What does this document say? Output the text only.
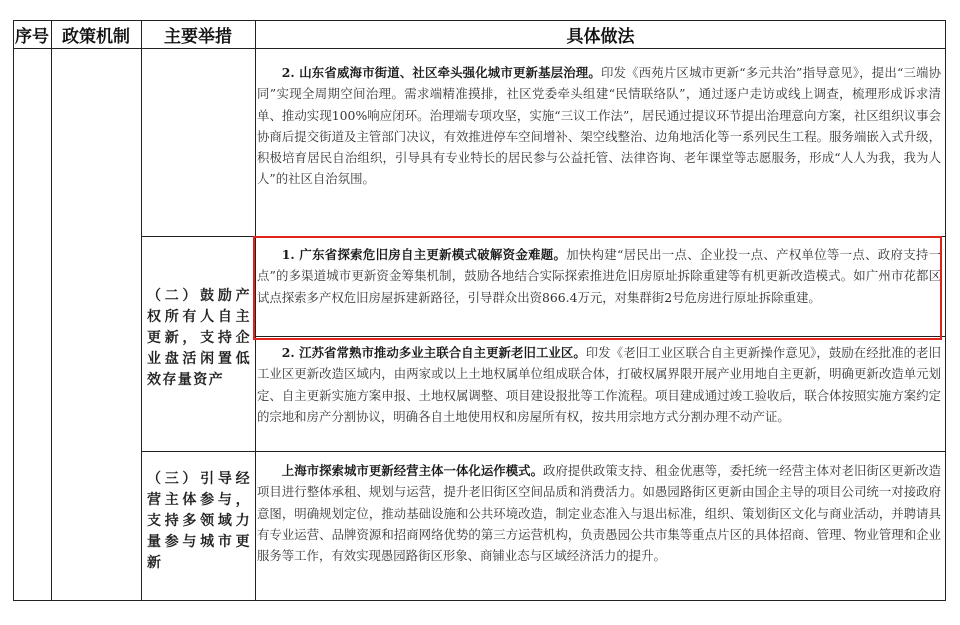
序号 政策机制	主要举措	具体做法
（二）鼓励产权所有人自主更新，支持企业盘活闲置低效存量资产
（三）引导经营主体参与，支持多领域力量参与城市更新
2. 山东省威海市街道、社区牵头强化城市更新基层治理。印发《西苑片区城市更新“多元共治”指导意见》，提出“三端协同”实现全周期空间治理。需求端精准摸排，社区党委牵头组建“民情联络队”，通过逐户走访或线上调查，梳理形成诉求清单、推动实现100%响应闭环。治理端专项攻坚，实施“三议工作法”，居民通过提议环节提出治理意向方案，社区组织议事会协商后提交街道及主管部门决议，有效推进停车空间增补、架空线整治、边角地活化等一系列民生工程。服务端嵌入式升级，积极培育居民自治组织，引导具有专业特长的居民参与公益托管、法律咨询、老年课堂等志愿服务，形成“人人为我，我为人人”的社区自治氛围。
1. 广东省探索危旧房自主更新模式破解资金难题。加快构建“居民出一点、企业投一点、产权单位等一点、政府支持一点”的多渠道城市更新资金筹集机制，鼓励各地结合实际探索推进危旧房原址拆除重建等有机更新改造模式。如广州市花都区试点探索多产权危旧房屋拆建新路径，引导群众出资866.4万元，对集群街2号危房进行原址拆除重建。
2. 江苏省常熟市推动多业主联合自主更新老旧工业区。印发《老旧工业区联合自主更新操作意见》，鼓励在经批准的老旧工业区更新改造区域内，由两家或以上土地权属单位组成联合体，打破权属界限开展产业用地自主更新，明确更新改造单元划定、自主更新实施方案申报、土地权属调整、项目建设报批等工作流程。项目建成通过竣工验收后，联合体按照实施方案约定的宗地和房产分割协议，明确各自土地使用权和房屋所有权，按共用宗地方式分割办理不动产证。
上海市探索城市更新经营主体一体化运作模式。政府提供政策支持、租金优惠等，委托统一经营主体对老旧街区更新改造项目进行整体承租、规划与运营，提升老旧街区空间品质和消费活力。如愚园路街区更新由国企主导的项目公司统一对接政府意图，明确规划定位，推动基础设施和公共环境改造，制定业态准入与退出标准，组织、策划街区文化与商业活动，并聘请具有专业运营、品牌资源和招商网络优势的第三方运营机构，负责愚园公共市集等重点片区的具体招商、管理、物业管理和企业服务等工作，有效实现愚园路街区形象、商铺业态与区域经济活力的提升。
